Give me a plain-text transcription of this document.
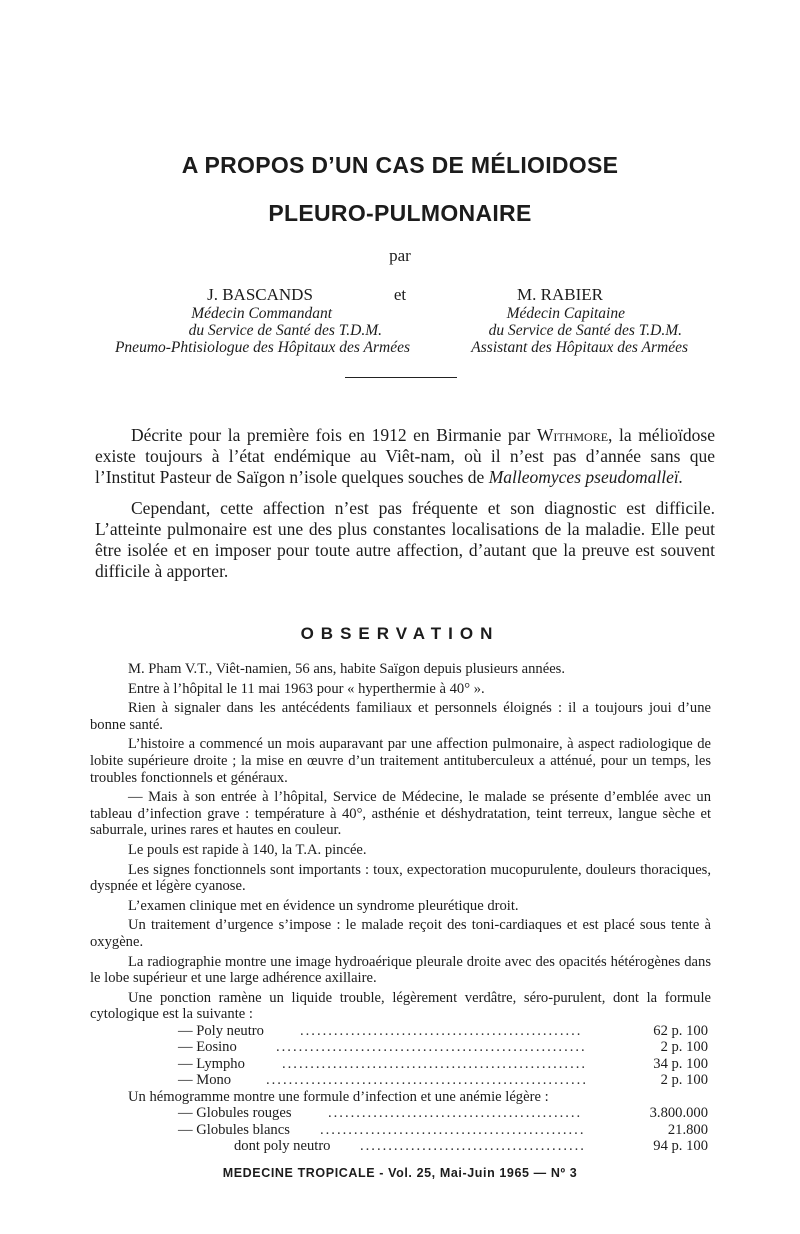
A PROPOS D’UN CAS DE MÉLIOIDOSE
PLEURO-PULMONAIRE
par
J. BASCANDS	et	M. RABIER
Médecin Commandant
du Service de Santé des T.D.M.
Pneumo-Phtisiologue des Hôpitaux des Armées
Médecin Capitaine
du Service de Santé des T.D.M.
Assistant des Hôpitaux des Armées

Décrite pour la première fois en 1912 en Birmanie par Withmore, la mélioïdose existe toujours à l’état endémique au Viêt-nam, où il n’est pas d’année sans que l’Institut Pasteur de Saïgon n’isole quelques souches de Malleomyces pseudomalleï.

Cependant, cette affection n’est pas fréquente et son diagnostic est difficile. L’atteinte pulmonaire est une des plus constantes localisations de la maladie. Elle peut être isolée et en imposer pour toute autre affection, d’autant que la preuve est souvent difficile à apporter.

OBSERVATION

M. Pham V.T., Viêt-namien, 56 ans, habite Saïgon depuis plusieurs années.

Entre à l’hôpital le 11 mai 1963 pour « hyperthermie à 40° ».

Rien à signaler dans les antécédents familiaux et personnels éloignés : il a toujours joui d’une bonne santé.

L’histoire a commencé un mois auparavant par une affection pulmonaire, à aspect radiologique de lobite supérieure droite ; la mise en œuvre d’un traitement antituberculeux a atténué, pour un temps, les troubles fonctionnels et généraux.

— Mais à son entrée à l’hôpital, Service de Médecine, le malade se présente d’emblée avec un tableau d’infection grave : température à 40°, asthénie et déshydratation, teint terreux, langue sèche et saburrale, urines rares et hautes en couleur.

Le pouls est rapide à 140, la T.A. pincée.

Les signes fonctionnels sont importants : toux, expectoration mucopurulente, douleurs thoraciques, dyspnée et légère cyanose.

L’examen clinique met en évidence un syndrome pleurétique droit.

Un traitement d’urgence s’impose : le malade reçoit des toni-cardiaques et est placé sous tente à oxygène.

La radiographie montre une image hydroaérique pleurale droite avec des opacités hétérogènes dans le lobe supérieur et une large adhérence axillaire.

Une ponction ramène un liquide trouble, légèrement verdâtre, séro-purulent, dont la formule cytologique est la suivante :

— Poly neutro ..................................................	62 p. 100
— Eosino	.......................................................	2 p. 100
— Lympho	......................................................	34 p. 100
— Mono .........................................................	2 p. 100

Un hémogramme montre une formule d’infection et une anémie légère :

— Globules rouges	.............................................	3.800.000
— Globules blancs ...............................................	21.800
dont poly neutro ........................................	94 p. 100
MEDECINE TROPICALE - Vol. 25, Mai-Juin 1965 — Nº 3
